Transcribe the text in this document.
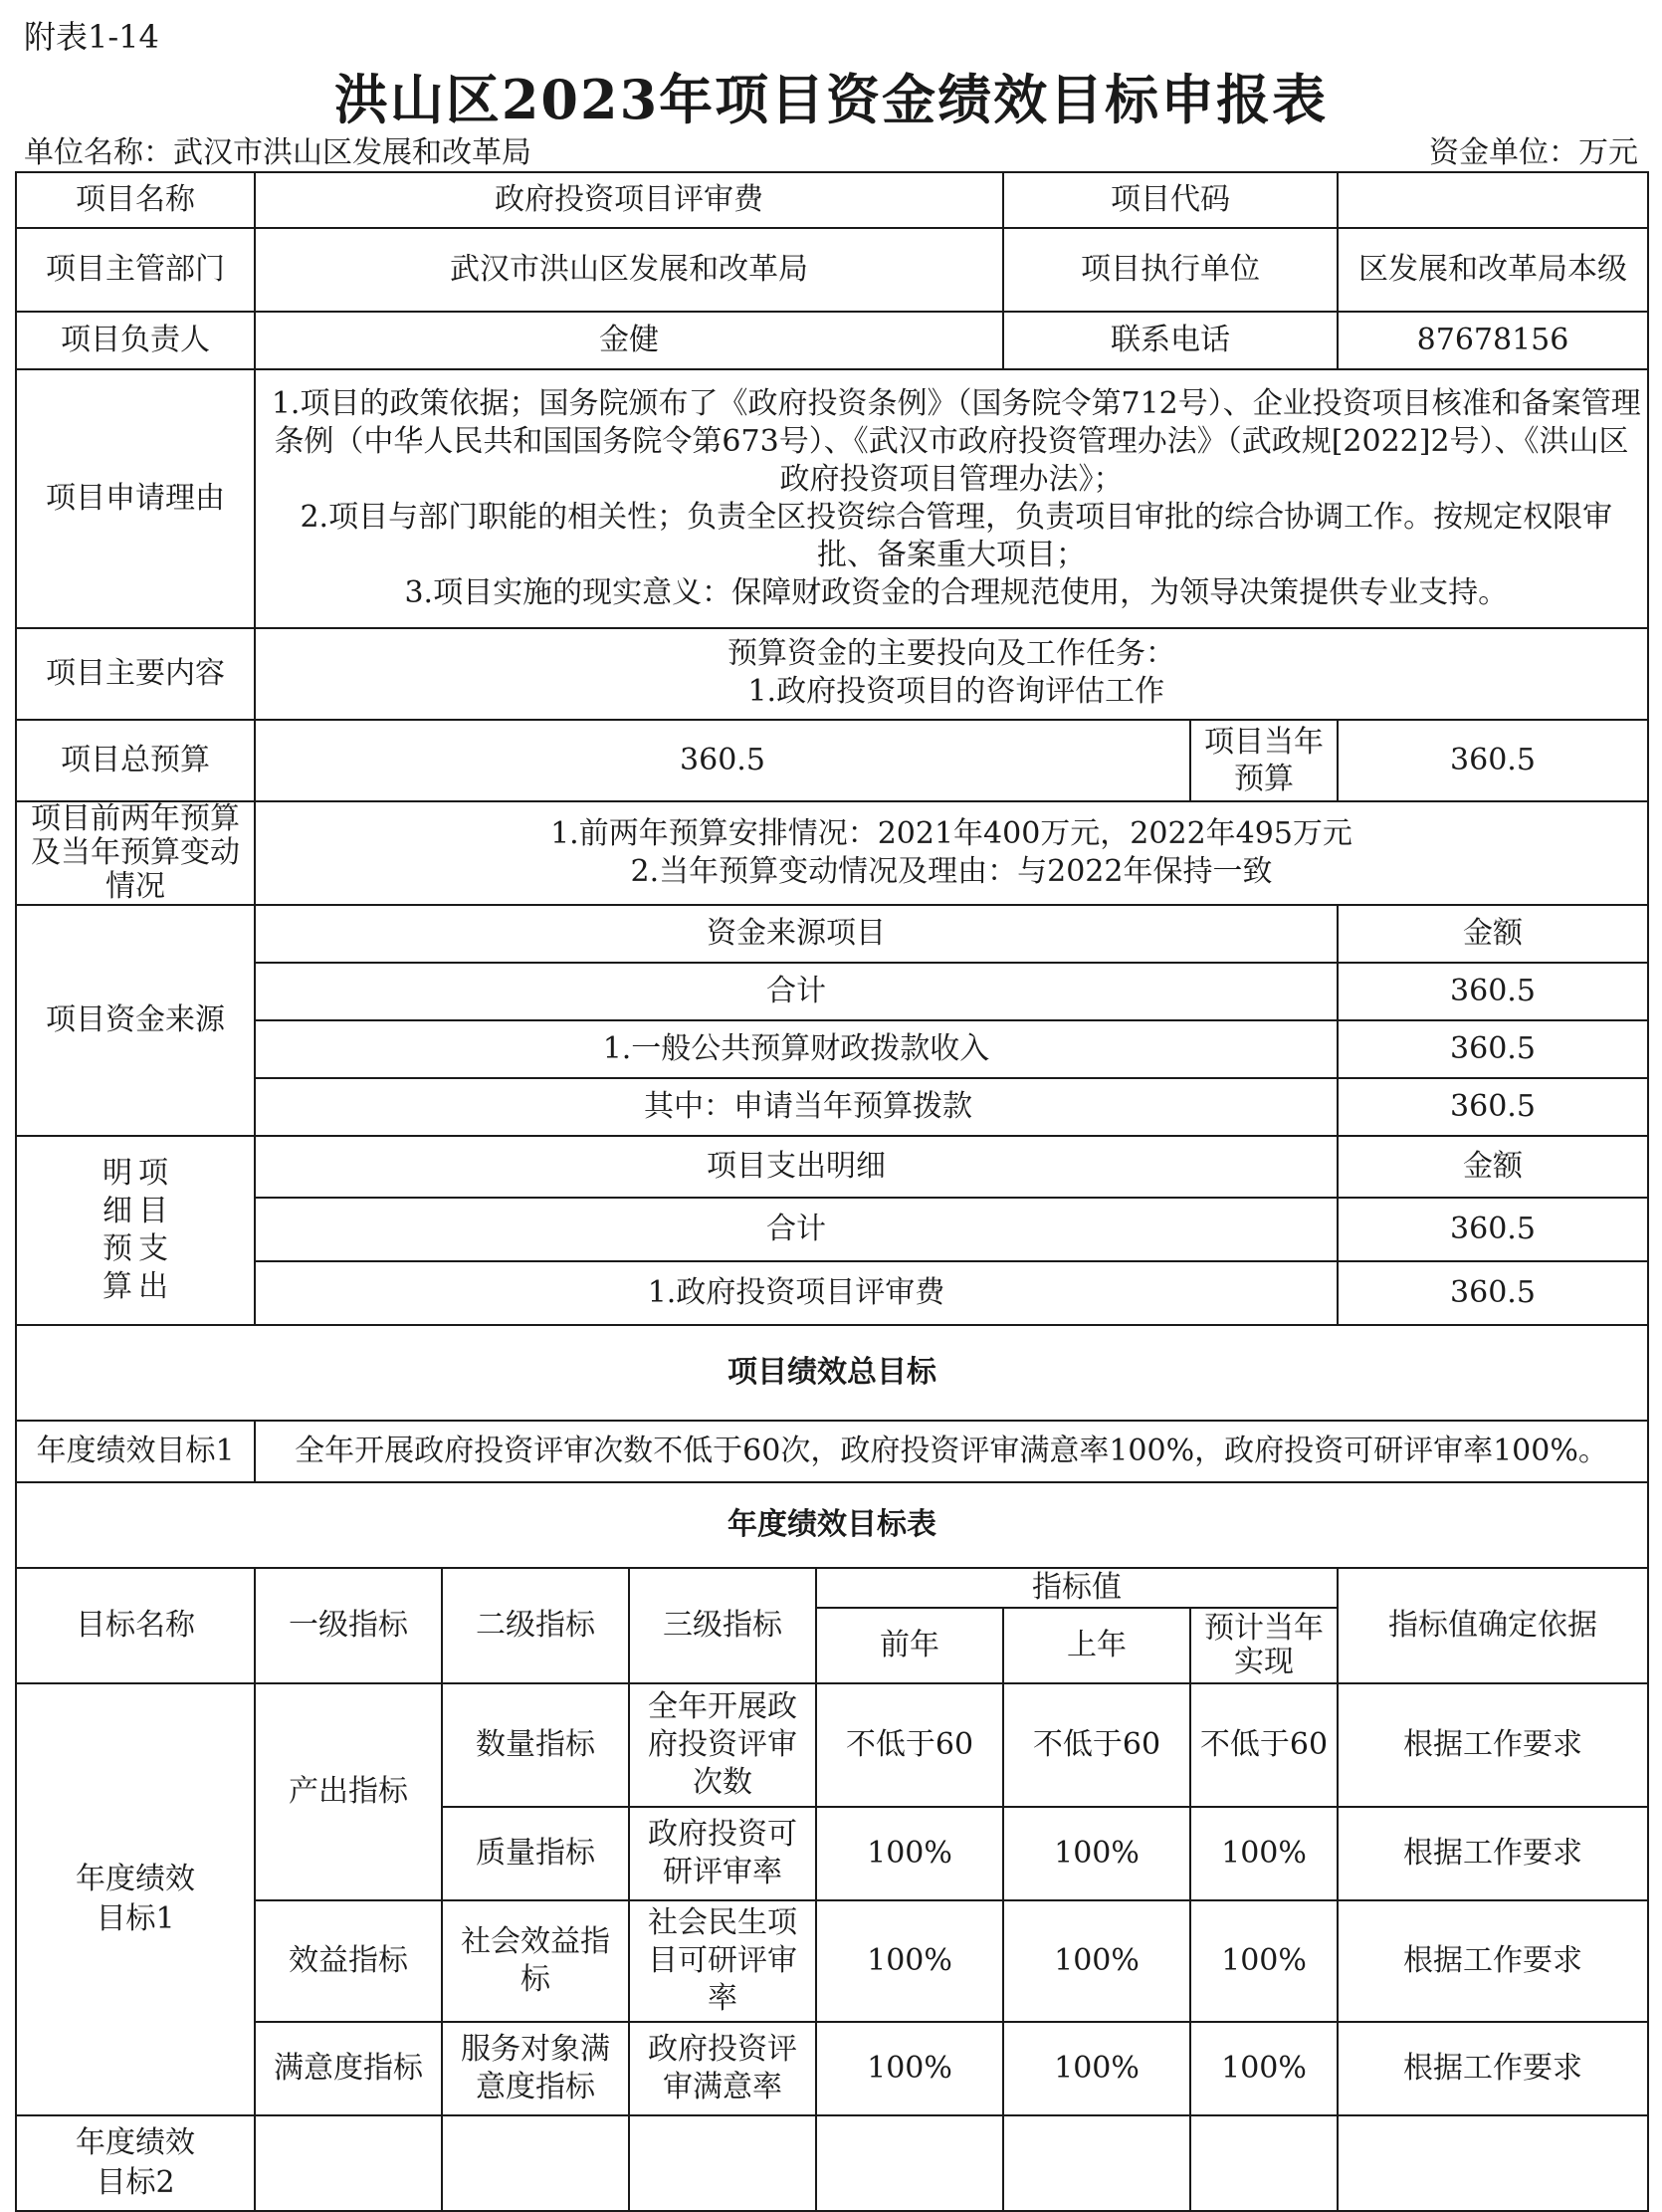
附表1-14
洪山区2023年项目资金绩效目标申报表
单位名称：武汉市洪山区发展和改革局	资金单位：万元
项目名称	政府投资项目评审费				项目代码		
项目主管部门	武汉市洪山区发展和改革局				项目执行单位		区发展和改革局本级
项目负责人	金健				联系电话		87678156
项目申请理由	1.项目的政策依据；国务院颁布了《政府投资条例》（国务院令第712号）、企业投资项目核准和备案管理条例（中华人民共和国国务院令第673号）、《武汉市政府投资管理办法》（武政规[2022]2号）、《洪山区政府投资项目管理办法》；
2.项目与部门职能的相关性；负责全区投资综合管理，负责项目审批的综合协调工作。按规定权限审批、备案重大项目；
3.项目实施的现实意义：保障财政资金的合理规范使用，为领导决策提供专业支持。						

项目主要内容	预算资金的主要投向及工作任务：
1.政府投资项目的咨询评估工作						

项目总预算	360.5					项目当年预算	360.5
项目前两年预算及当年预算变动情况	1.前两年预算安排情况：2021年400万元，2022年495万元
2.当年预算变动情况及理由：与2022年保持一致						

项目资金来源	资金来源项目						金额
	合计						360.5
	1.一般公共预算财政拨款收入						360.5
	其中：申请当年预算拨款						360.5
明细预算项目支出	项目支出明细						金额
	合计						360.5
	1.政府投资项目评审费						360.5
项目绩效总目标							
年度绩效目标1	全年开展政府投资评审次数不低于60次，政府投资评审满意率100%，政府投资可研评审率100%。						
年度绩效目标表							
目标名称	一级指标	二级指标	三级指标	指标值			指标值确定依据
				前年	上年	预计当年实现	

年度绩效目标1	产出指标	数量指标	全年开展政府投资评审次数	不低于60	不低于60	不低于60	根据工作要求
		质量指标	政府投资可研评审率	100%	100%	100%	根据工作要求
	效益指标	社会效益指标	社会民生项目可研评审率	100%	100%	100%	根据工作要求
	满意度指标	服务对象满意度指标	政府投资评审满意率	100%	100%	100%	根据工作要求

年度绩效目标2							
